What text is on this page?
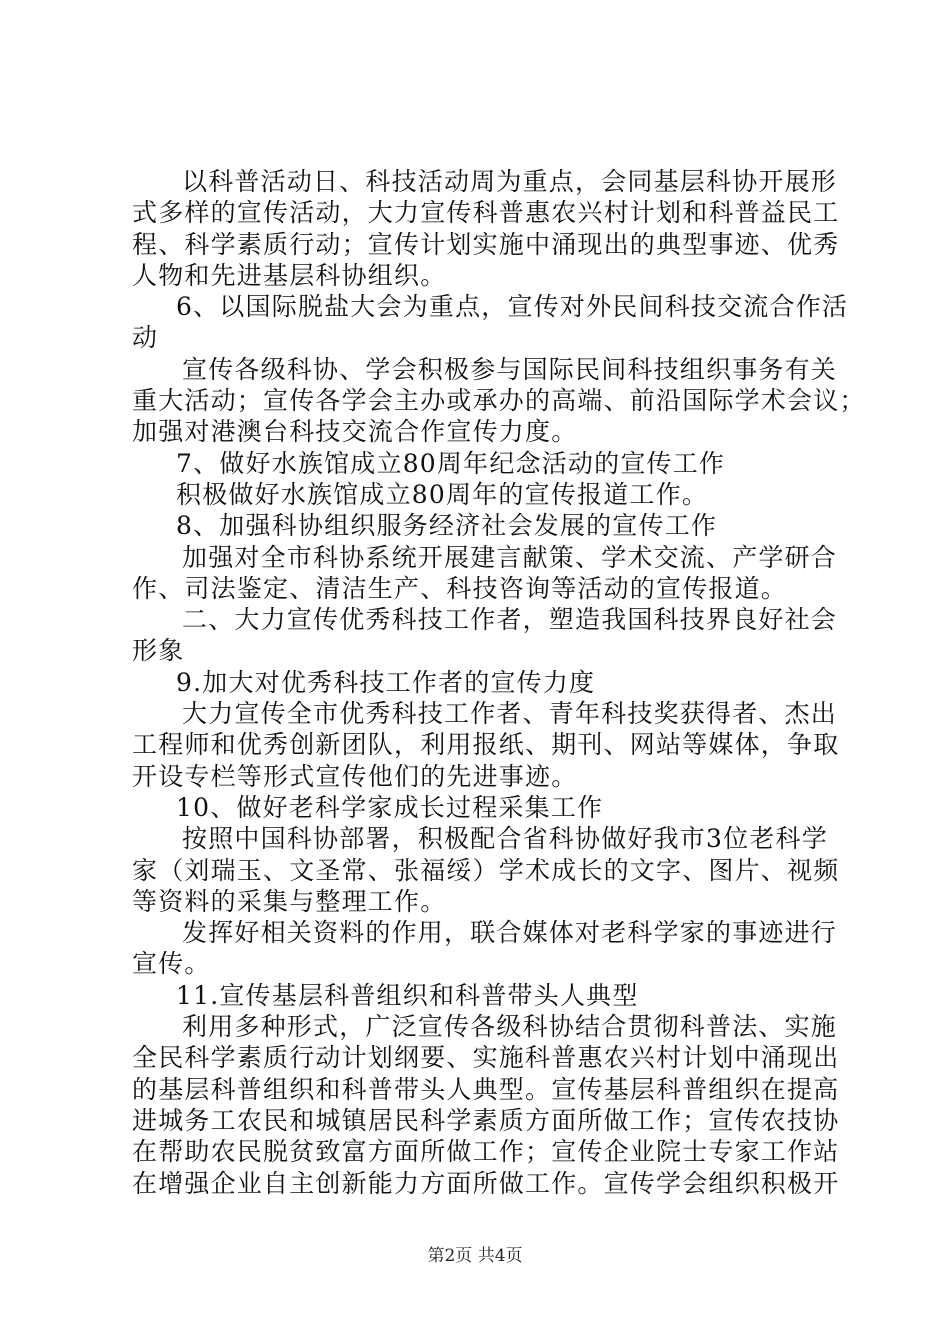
以科普活动日、科技活动周为重点，会同基层科协开展形
式多样的宣传活动，大力宣传科普惠农兴村计划和科普益民工
程、科学素质行动；宣传计划实施中涌现出的典型事迹、优秀
人物和先进基层科协组织。
6、以国际脱盐大会为重点，宣传对外民间科技交流合作活
动
宣传各级科协、学会积极参与国际民间科技组织事务有关
重大活动；宣传各学会主办或承办的高端、前沿国际学术会议；
加强对港澳台科技交流合作宣传力度。
7、做好水族馆成立80周年纪念活动的宣传工作
积极做好水族馆成立80周年的宣传报道工作。
8、加强科协组织服务经济社会发展的宣传工作
加强对全市科协系统开展建言献策、学术交流、产学研合
作、司法鉴定、清洁生产、科技咨询等活动的宣传报道。
二、大力宣传优秀科技工作者，塑造我国科技界良好社会
形象
9.加大对优秀科技工作者的宣传力度
大力宣传全市优秀科技工作者、青年科技奖获得者、杰出
工程师和优秀创新团队，利用报纸、期刊、网站等媒体，争取
开设专栏等形式宣传他们的先进事迹。
10、做好老科学家成长过程采集工作
按照中国科协部署，积极配合省科协做好我市3位老科学
家（刘瑞玉、文圣常、张福绥）学术成长的文字、图片、视频
等资料的采集与整理工作。
发挥好相关资料的作用，联合媒体对老科学家的事迹进行
宣传。
11.宣传基层科普组织和科普带头人典型
利用多种形式，广泛宣传各级科协结合贯彻科普法、实施
全民科学素质行动计划纲要、实施科普惠农兴村计划中涌现出
的基层科普组织和科普带头人典型。宣传基层科普组织在提高
进城务工农民和城镇居民科学素质方面所做工作；宣传农技协
在帮助农民脱贫致富方面所做工作；宣传企业院士专家工作站
在增强企业自主创新能力方面所做工作。宣传学会组织积极开
第2页 共4页
